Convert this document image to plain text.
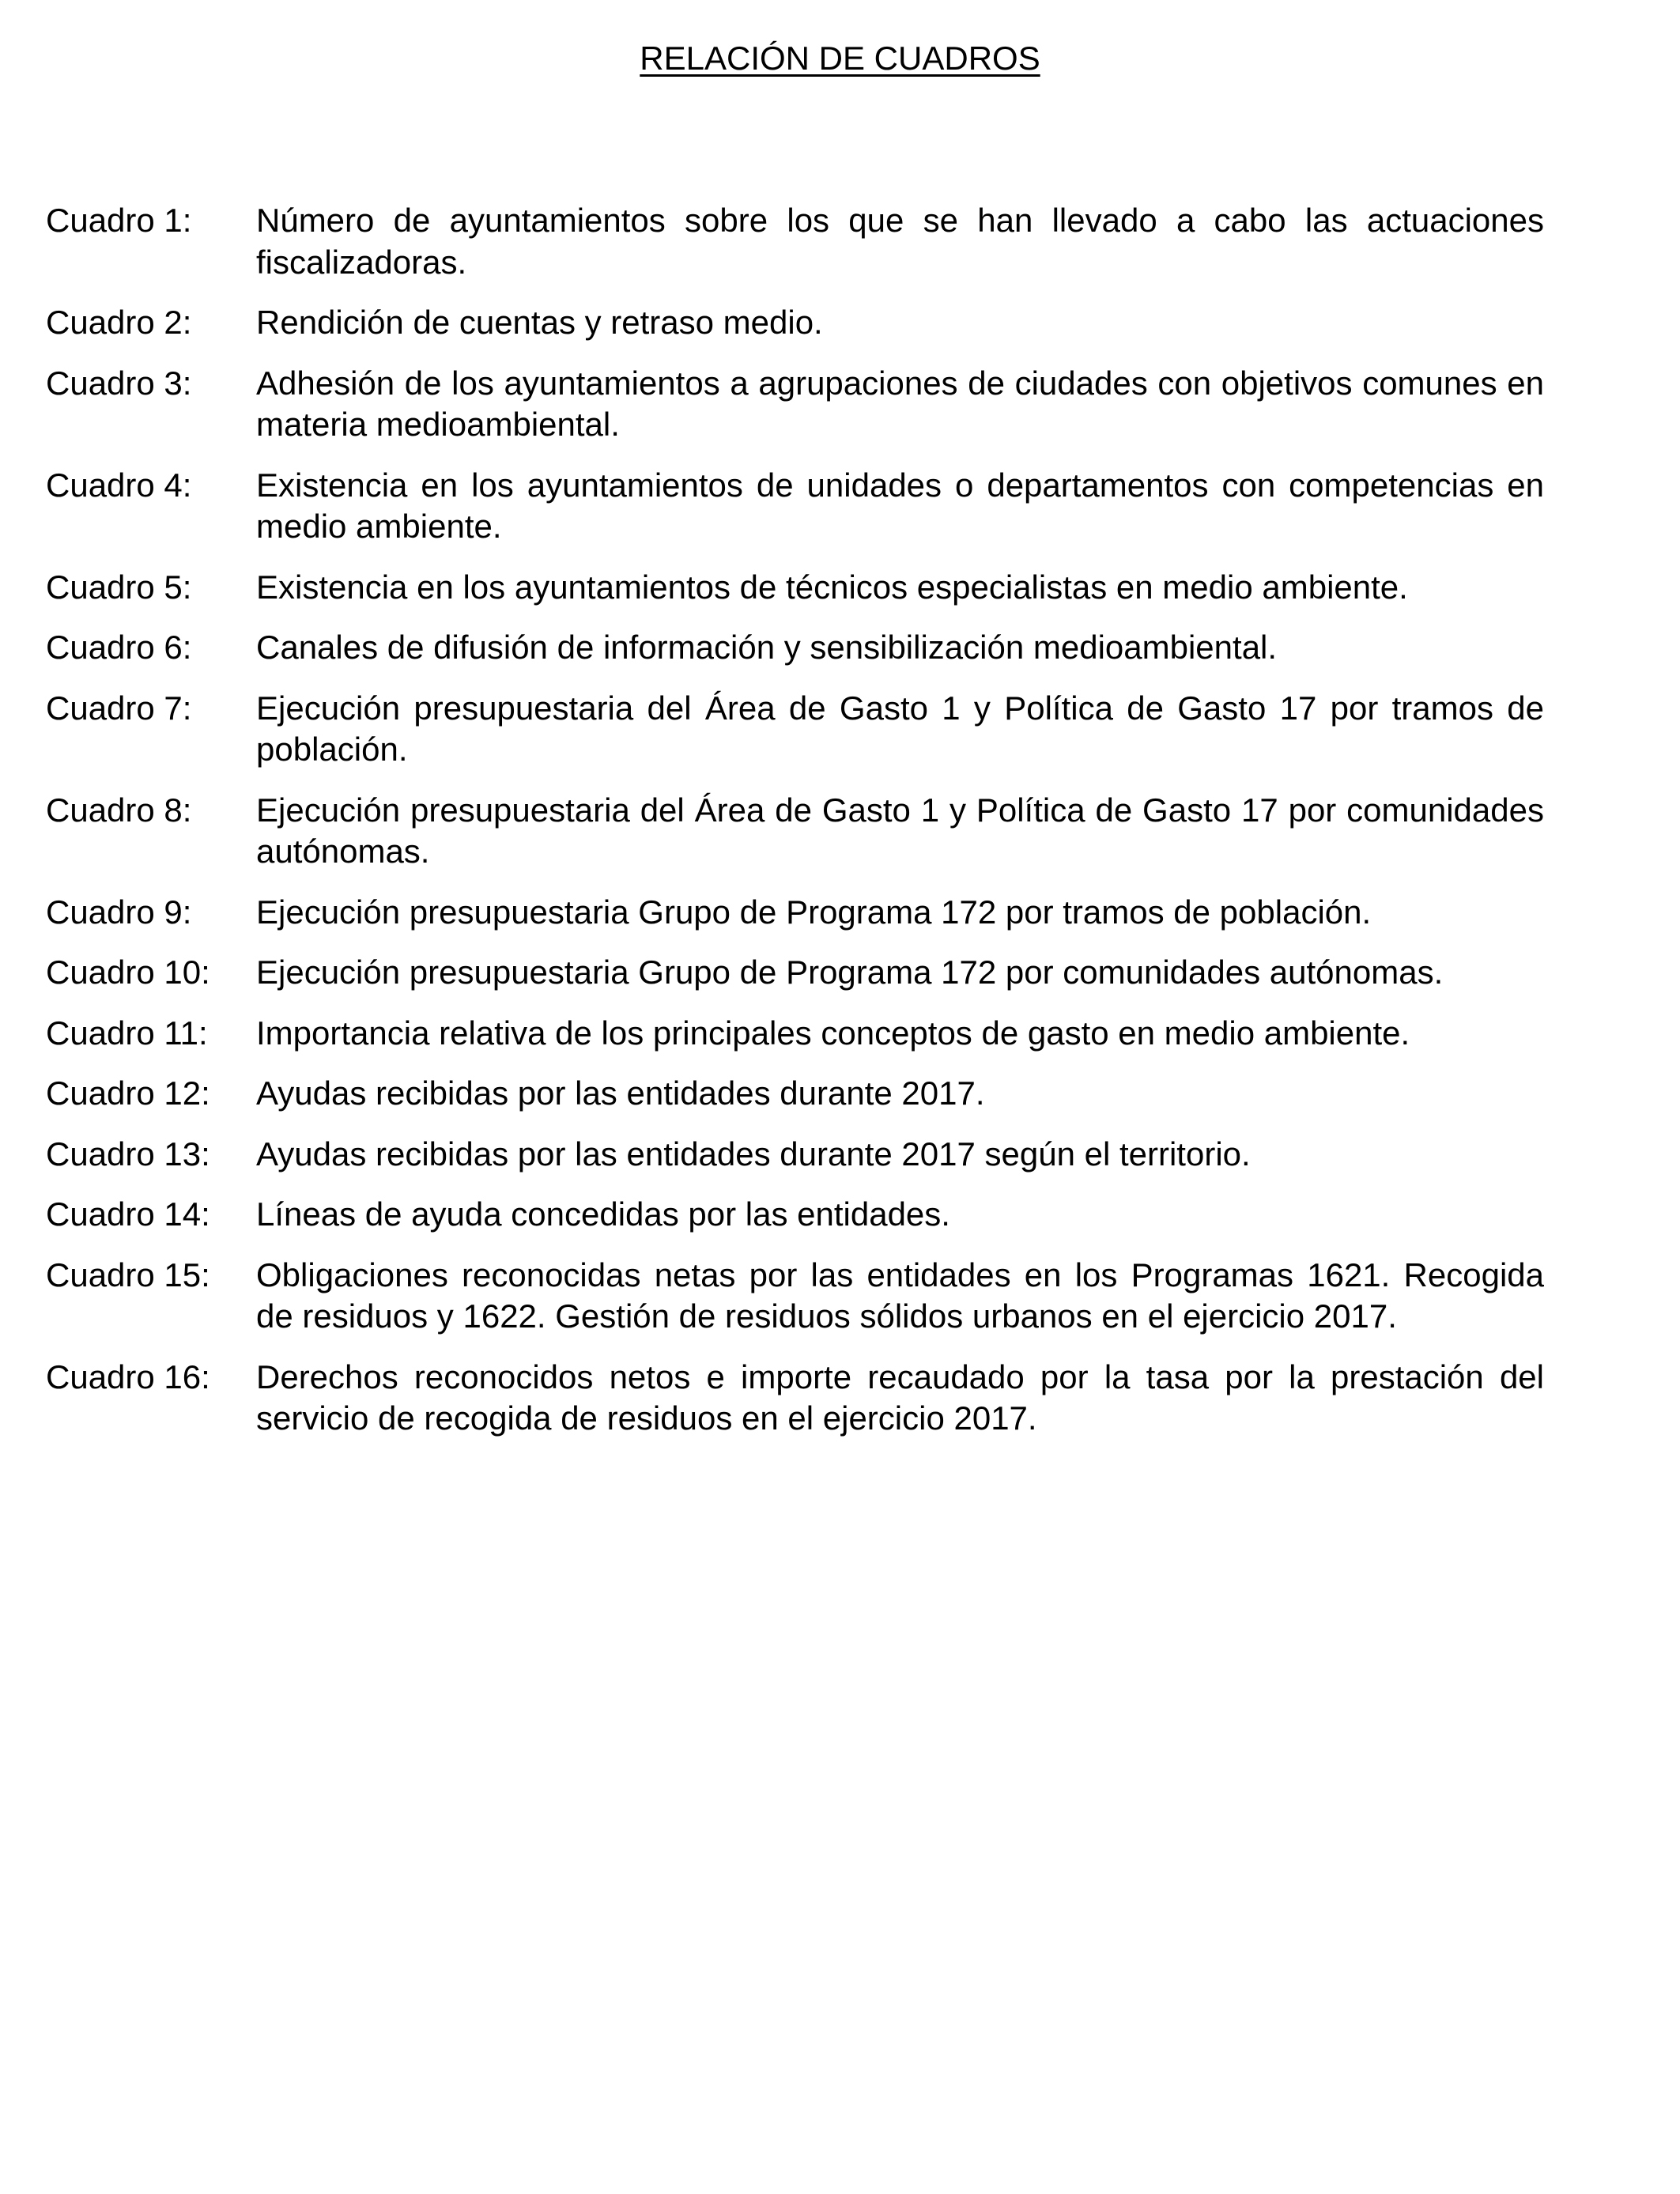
RELACIÓN DE CUADROS
Cuadro 1:	Número de ayuntamientos sobre los que se han llevado a cabo las actuaciones fiscalizadoras.
Cuadro 2:	Rendición de cuentas y retraso medio.
Cuadro 3:	Adhesión de los ayuntamientos a agrupaciones de ciudades con objetivos comunes en materia medioambiental.
Cuadro 4:	Existencia en los ayuntamientos de unidades o departamentos con competencias en medio ambiente.
Cuadro 5:	Existencia en los ayuntamientos de técnicos especialistas en medio ambiente.
Cuadro 6:	Canales de difusión de información y sensibilización medioambiental.
Cuadro 7:	Ejecución presupuestaria del Área de Gasto 1 y Política de Gasto 17 por tramos de población.
Cuadro 8:	Ejecución presupuestaria del Área de Gasto 1 y Política de Gasto 17 por comunidades autónomas.
Cuadro 9:	Ejecución presupuestaria Grupo de Programa 172 por tramos de población.
Cuadro 10:	Ejecución presupuestaria Grupo de Programa 172 por comunidades autónomas.
Cuadro 11:	Importancia relativa de los principales conceptos de gasto en medio ambiente.
Cuadro 12:	Ayudas recibidas por las entidades durante 2017.
Cuadro 13:	Ayudas recibidas por las entidades durante 2017 según el territorio.
Cuadro 14:	Líneas de ayuda concedidas por las entidades.
Cuadro 15:	Obligaciones reconocidas netas por las entidades en los Programas 1621. Recogida de residuos y 1622. Gestión de residuos sólidos urbanos en el ejercicio 2017.
Cuadro 16:	Derechos reconocidos netos e importe recaudado por la tasa por la prestación del servicio de recogida de residuos en el ejercicio 2017.
